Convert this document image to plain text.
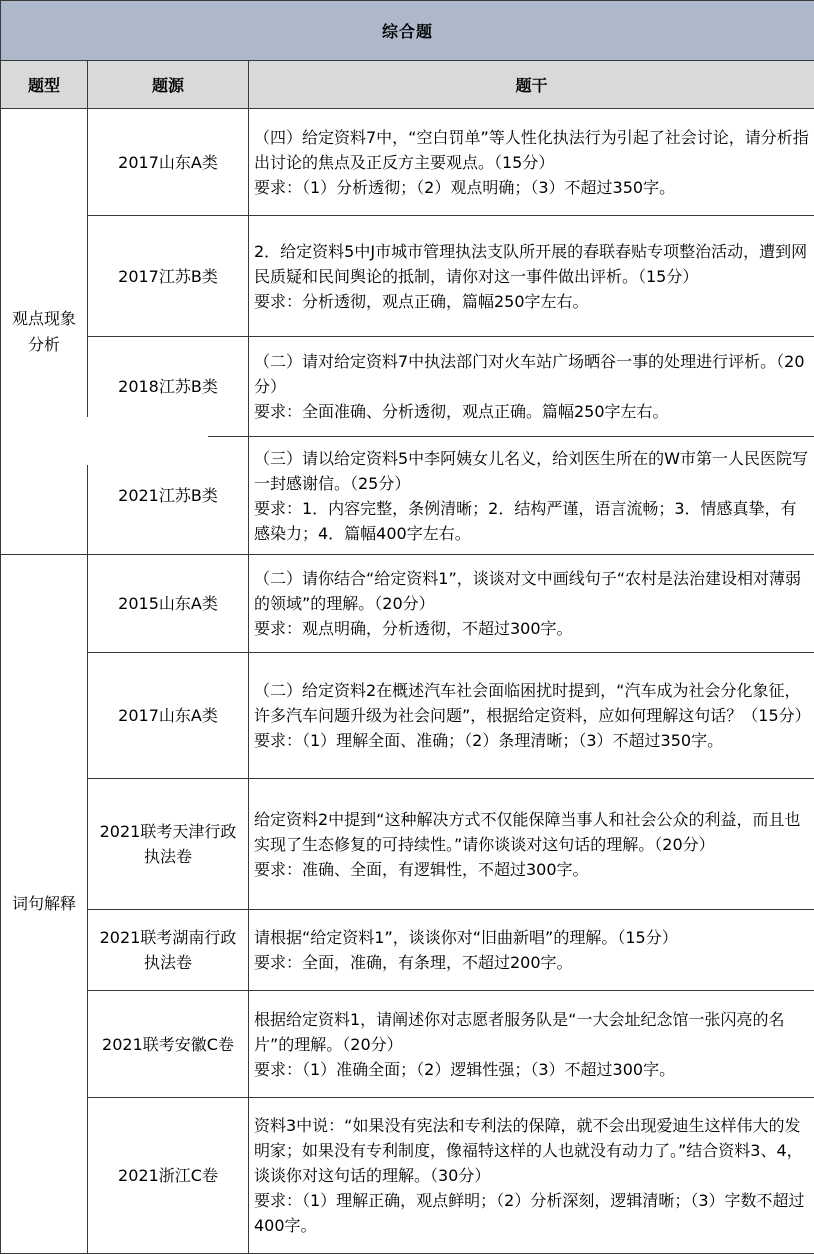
综合题		
题型	题源	题干

观点现象
分析	2017山东A类	（四）给定资料7中，“空白罚单”等人性化执法行为引起了社会讨论，请分析指出讨论的焦点及正反方主要观点。（15分）
要求：（1）分析透彻；（2）观点明确；（3）不超过350字。

	2017江苏B类	2．给定资料5中J市城市管理执法支队所开展的春联春贴专项整治活动，遭到网民质疑和民间舆论的抵制，请你对这一事件做出评析。（15分）
要求：分析透彻，观点正确，篇幅250字左右。

	2018江苏B类	（二）请对给定资料7中执法部门对火车站广场晒谷一事的处理进行评析。（20分）
要求：全面准确、分析透彻，观点正确。篇幅250字左右。

	2021江苏B类	（三）请以给定资料5中李阿姨女儿名义，给刘医生所在的W市第一人民医院写一封感谢信。（25分）
要求：1．内容完整，条例清晰；2．结构严谨，语言流畅；3．情感真挚，有感染力；4．篇幅400字左右。

词句解释	2015山东A类	（二）请你结合“给定资料1”，谈谈对文中画线句子“农村是法治建设相对薄弱的领域”的理解。（20分）
要求：观点明确，分析透彻，不超过300字。

	2017山东A类	（二）给定资料2在概述汽车社会面临困扰时提到，“汽车成为社会分化象征，许多汽车问题升级为社会问题”，根据给定资料，应如何理解这句话？（15分）
要求：（1）理解全面、准确；（2）条理清晰；（3）不超过350字。

	2021联考天津行政
执法卷	给定资料2中提到“这种解决方式不仅能保障当事人和社会公众的利益，而且也实现了生态修复的可持续性。”请你谈谈对这句话的理解。（20分）
要求：准确、全面，有逻辑性，不超过300字。

	2021联考湖南行政
执法卷	请根据“给定资料1”，谈谈你对“旧曲新唱”的理解。（15分）
要求：全面，准确，有条理，不超过200字。

	2021联考安徽C卷	根据给定资料1，请阐述你对志愿者服务队是“一大会址纪念馆一张闪亮的名片”的理解。（20分）
要求：（1）准确全面；（2）逻辑性强；（3）不超过300字。

	2021浙江C卷	资料3中说：“如果没有宪法和专利法的保障，就不会出现爱迪生这样伟大的发明家；如果没有专利制度，像福特这样的人也就没有动力了。”结合资料3、4，谈谈你对这句话的理解。（30分）
要求：（1）理解正确，观点鲜明；（2）分析深刻，逻辑清晰；（3）字数不超过400字。
